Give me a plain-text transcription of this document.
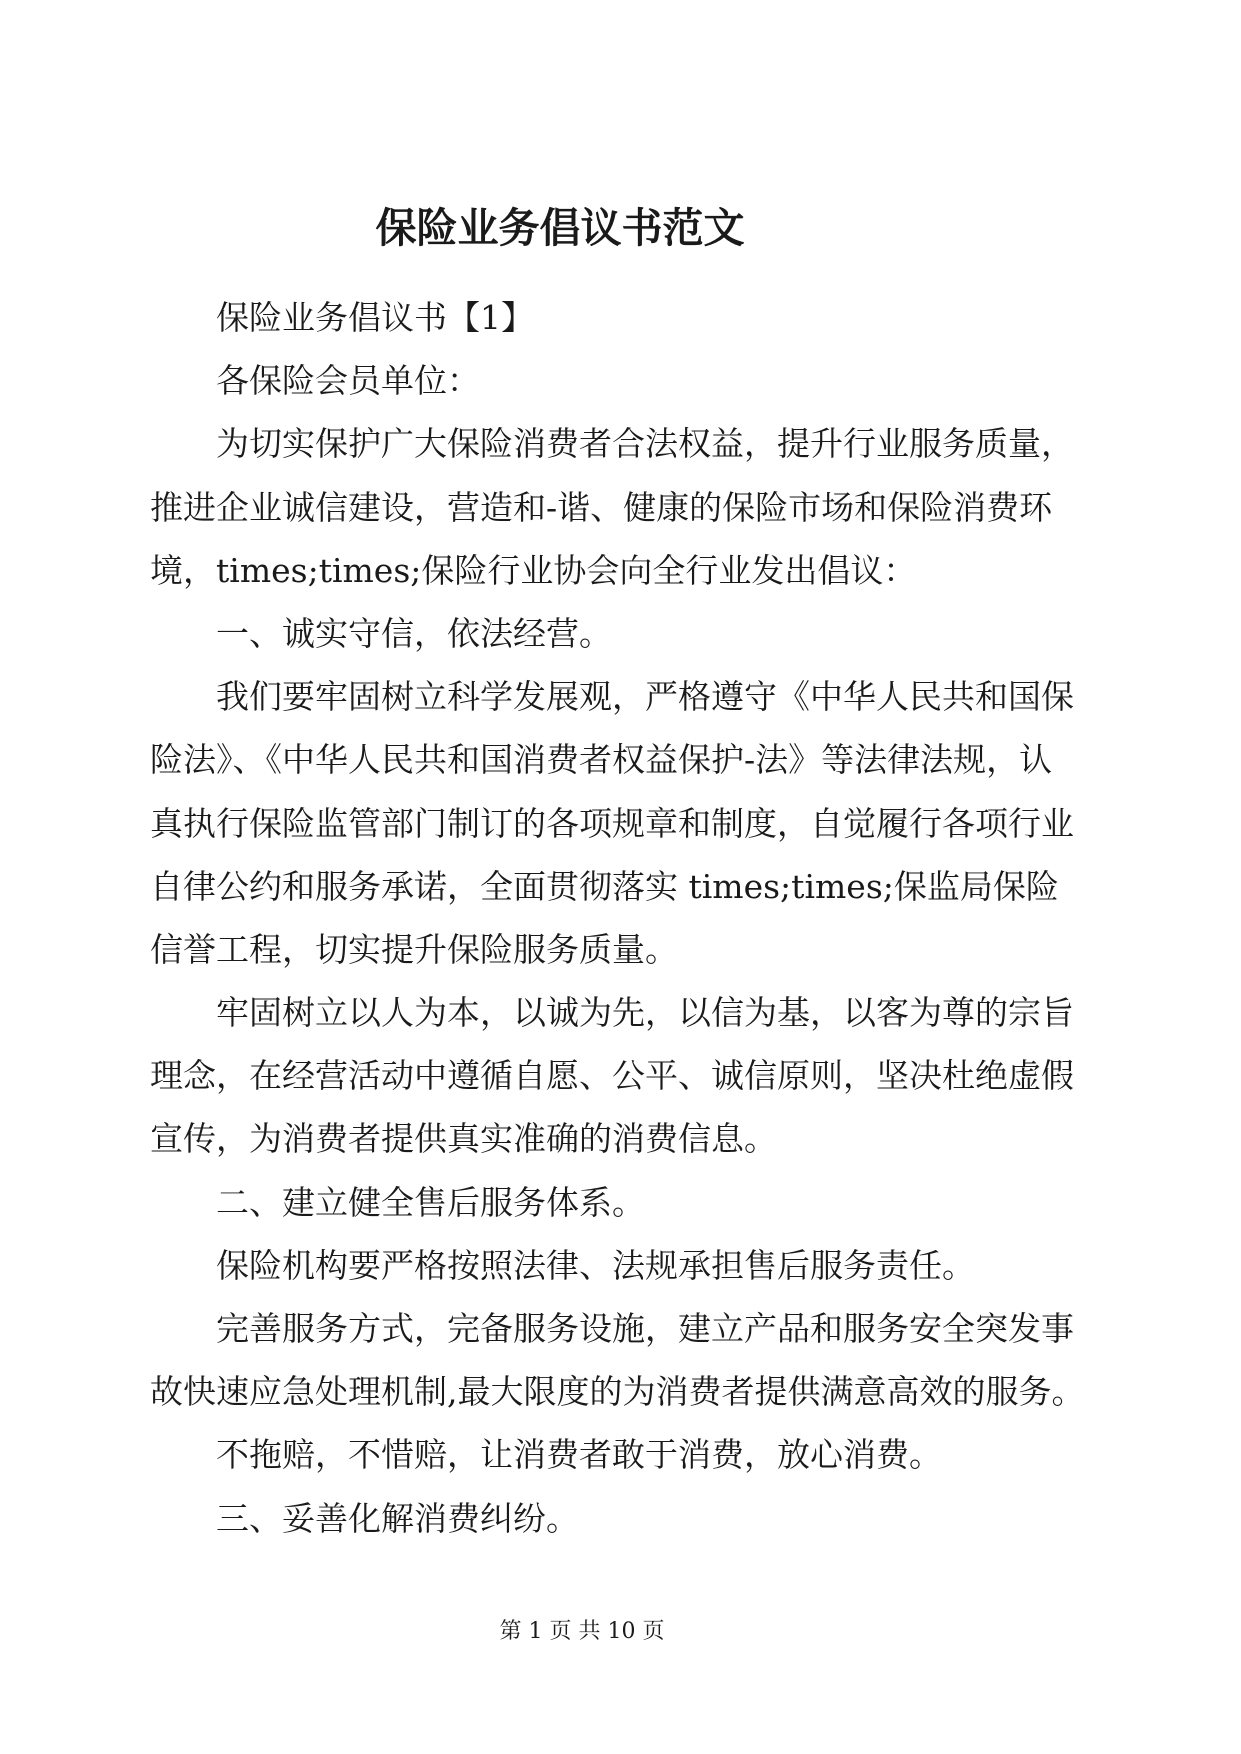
保险业务倡议书范文
保险业务倡议书【1】
各保险会员单位：
为切实保护广大保险消费者合法权益，提升行业服务质量，
推进企业诚信建设，营造和-谐、健康的保险市场和保险消费环
境，times;times;保险行业协会向全行业发出倡议：
一、诚实守信，依法经营。
我们要牢固树立科学发展观，严格遵守《中华人民共和国保
险法》、《中华人民共和国消费者权益保护-法》等法律法规，认
真执行保险监管部门制订的各项规章和制度，自觉履行各项行业
自律公约和服务承诺，全面贯彻落实 times;times;保监局保险
信誉工程，切实提升保险服务质量。
牢固树立以人为本，以诚为先，以信为基，以客为尊的宗旨
理念，在经营活动中遵循自愿、公平、诚信原则，坚决杜绝虚假
宣传，为消费者提供真实准确的消费信息。
二、建立健全售后服务体系。
保险机构要严格按照法律、法规承担售后服务责任。
完善服务方式，完备服务设施，建立产品和服务安全突发事
故快速应急处理机制,最大限度的为消费者提供满意高效的服务。
不拖赔，不惜赔，让消费者敢于消费，放心消费。
三、妥善化解消费纠纷。
第 1 页 共 10 页
